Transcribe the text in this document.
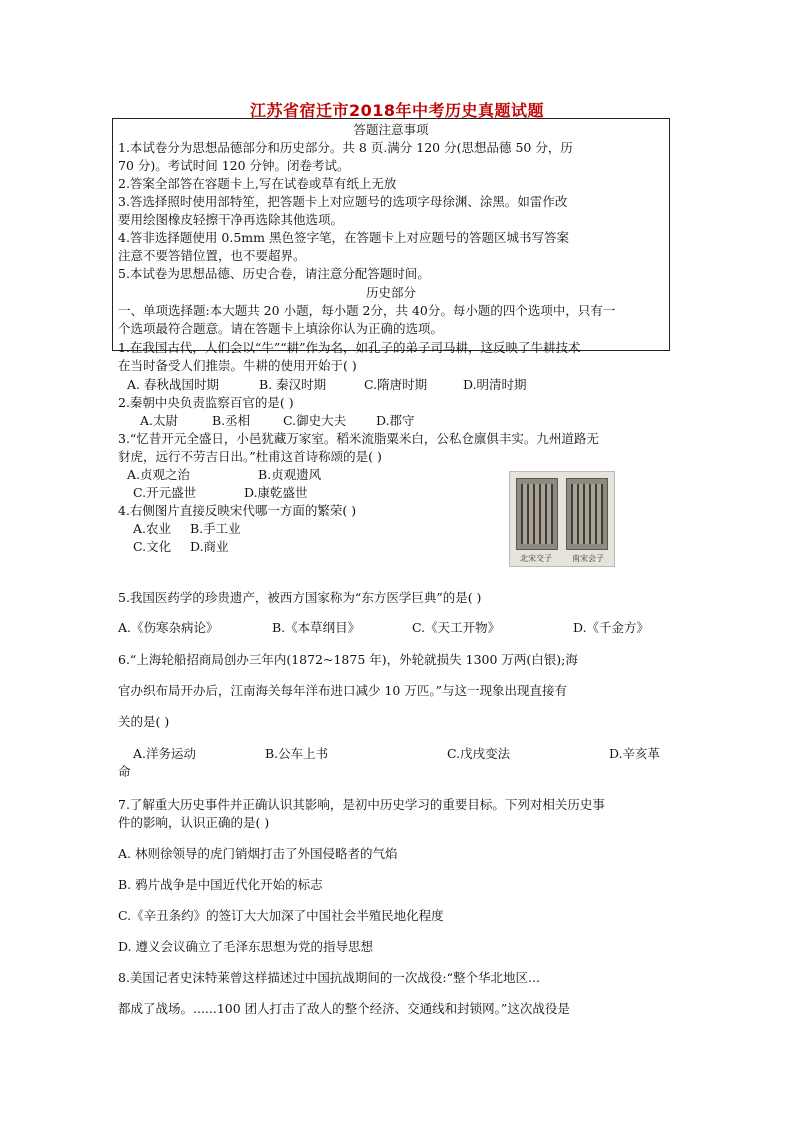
江苏省宿迁市2018年中考历史真题试题
答题注意事项
1.本试卷分为思想品德部分和历史部分。共 8 页.满分 120 分(思想品德 50 分，历
70 分)。考试时间 120 分钟。闭卷考试。
2.答案全部答在容题卡上,写在试卷或草有纸上无放
3.答选择照时使用部特笙，把答题卡上对应题号的选项字母徐渊、涂黑。如雷作改
要用绘图橡皮轻擦干净再选除其他选项。
4.答非选择题使用 0.5mm 黑色签字笔，在答题卡上对应题号的答题区城书写答案
注意不要答错位置，也不要超界。
5.本试卷为思想品德、历史合卷，请注意分配答题时间。
历史部分
一、单项选择题:本大题共 20 小题，每小题 2分，共 40分。每小题的四个选项中，只有一
个选项最符合题意。请在答题卡上填涂你认为正确的选项。
1.在我国古代，人们会以“牛”“耕”作为名，如孔子的弟子司马耕，这反映了牛耕技术
在当时备受人们推崇。牛耕的使用开始于( )
A. 春秋战国时期	B. 秦汉时期	C.隋唐时期	D.明清时期
2.秦朝中央负责监察百官的是( )
A.太尉	B.丞相	C.御史大夫 D.郡守
3.“忆昔开元全盛日，小邑犹藏万家室。稻米流脂粟米白，公私仓廪俱丰实。九州道路无
豺虎，远行不劳吉日出。”杜甫这首诗称颂的是( )
A.贞观之治	B.贞观遗风
C.开元盛世	D.康乾盛世
4.右侧图片直接反映宋代哪一方面的繁荣( )
A.农业 B.手工业
C.文化 D.商业
北宋交子	南宋会子
5.我国医药学的珍贵遗产，被西方国家称为“东方医学巨典”的是( )
A.《伤寒杂病论》	B.《本草纲目》	C.《天工开物》	D.《千金方》
6.“上海轮船招商局创办三年内(1872~1875 年)，外轮就损失 1300 万两(白银);海
官办织布局开办后，江南海关每年洋布进口减少 10 万匹。”与这一现象出现直接有
关的是( )
A.洋务运动	B.公车上书	C.戊戌变法	D.辛亥革
命
7.了解重大历史事件并正确认识其影响，是初中历史学习的重要目标。下列对相关历史事
件的影响，认识正确的是( )
A. 林则徐领导的虎门销烟打击了外国侵略者的气焰
B. 鸦片战争是中国近代化开始的标志
C.《辛丑条约》的签订大大加深了中国社会半殖民地化程度
D. 遵义会议确立了毛泽东思想为党的指导思想
8.美国记者史沫特莱曾这样描述过中国抗战期间的一次战役:“整个华北地区...
都成了战场。......100 团人打击了敌人的整个经济、交通线和封锁网。”这次战役是
